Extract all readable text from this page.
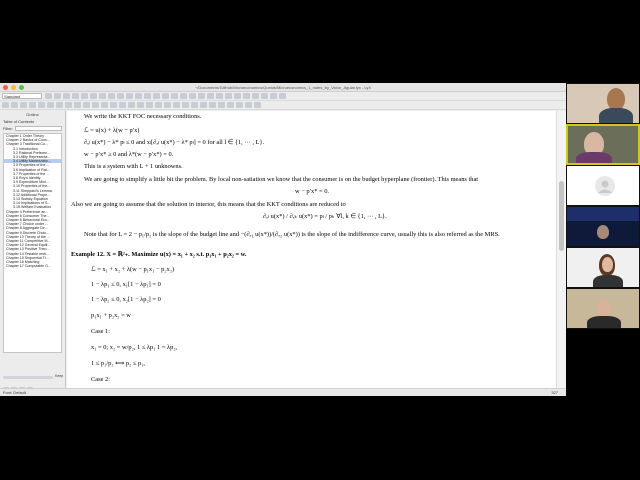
~/Documents/GitHub/Microeconomics/Quests/Microeconomics_1_notes_by_Victor_Aguiar.lyx - LyX
Standard
Outline
Table of Contents
Filter:
Chapter 1 Order Theory
Chapter 2 Basics of Cons...
Chapter 3 Traditional Co...
3.1 Introduction
3.2 Rational Preferen...
3.3 Utility Representa...
3.4 Utility Maximizatio...
3.5 Properties of the ...
3.6 Implication of Rat...
3.7 Properties of the ...
3.8 Roy's Identity
3.9 Expenditure Mini...
3.10 Properties of the...
3.11 Sheppard's Lemma
3.12 Additional Prope...
3.13 Slutsky Equation
3.14 Implications of S...
3.15 Welfare Evaluation
Chapter 4 Preference an...
Chapter 5 Consumer The...
Chapter 6 Behavioral Eco...
Chapter 7 Choice under ...
Chapter 8 Aggregate De...
Chapter 9 Discrete Choic...
Chapter 10 Theory of the ...
Chapter 11 Competitive M...
Chapter 12 General Equili...
Chapter 13 Positive Theo...
Chapter 14 Testable restr...
Chapter 15 Sequential Tr...
Chapter 16 Matching
Chapter 17 Computable G...
Keep
We write the KKT FOC necessary conditions.
ℒ = u(x) + λ(w − p′x)
∂ₓₗ u(x*) − λ* pₗ ≤ 0 and xₗ[∂ₓₗ u(x*) − λ* pₗ] = 0 for all l ∈ {1, ··· , L}.
w − p′x* ≥ 0 and λ*(w − p′x*) = 0.
This is a system with L + 1 unknowns.
We are going to simplify a little bit the problem. By local non-satiation we know that the consumer is on the budget hyperplane (frontier). This means that
w − p′x* = 0.
Also we are going to assume that the solution in interior, this means that the KKT conditions are reduced to
∂ₓₗ u(x*) / ∂ₓₖ u(x*) = pₗ / pₖ ∀l, k ∈ {1, ··· , L}.
Note that for L = 2 − p₁/p₂ is the slope of the budget line and −(∂ₓ₁ u(x*))/(∂ₓ₂ u(x*)) is the slope of the indifference curve, usually this is also referred as the MRS.
Example 12. X = ℝ²₊. Maximize u(x) = x₁ + x₂ s.t. p₁x₁ + p₂x₂ = w.
ℒ = x₁ + x₂ + λ(w − p₁x₁ − p₂x₂)
1 − λp₁ ≤ 0, x₁[1 − λp₁] = 0
1 − λp₂ ≤ 0, x₂[1 − λp₂] = 0
p₁x₁ + p₂x₂ = w
Case 1:
x₁ = 0; x₂ = w/p₂, 1 ≤ λp₁ 1 = λp₂,
1 ≤ p₁/p₂ ⟺ p₂ ≤ p₁,
Case 2:
Font: Default	327
